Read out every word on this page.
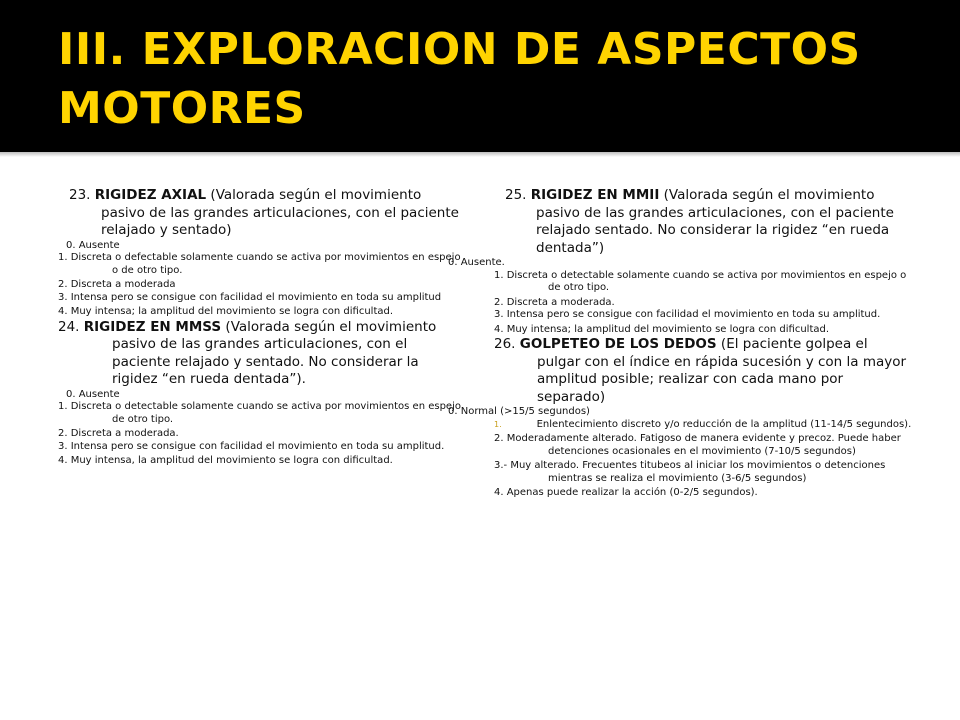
III. EXPLORACION DE ASPECTOS MOTORES

23. RIGIDEZ AXIAL (Valorada según el movimiento pasivo de las grandes articulaciones, con el paciente relajado y sentado)

0. Ausente

1. Discreta o defectable solamente cuando se activa por movimientos en espejo o de otro tipo.

2. Discreta a moderada

3. Intensa pero se consigue con facilidad el movimiento en toda su amplitud

4. Muy intensa; la amplitud del movimiento se logra con dificultad.

24. RIGIDEZ EN MMSS (Valorada según el movimiento pasivo de las grandes articulaciones, con el paciente relajado y sentado. No considerar la rigidez “en rueda dentada”).

0. Ausente

1. Discreta o detectable solamente cuando se activa por movimientos en espejo de otro tipo.

2. Discreta a moderada.

3. Intensa pero se consigue con facilidad el movimiento en toda su amplitud.

4. Muy intensa, la amplitud del movimiento se logra con dificultad.

25. RIGIDEZ EN MMII (Valorada según el movimiento pasivo de las grandes articulaciones, con el paciente relajado sentado. No considerar la rigidez “en rueda dentada”)

0. Ausente.

1. Discreta o detectable solamente cuando se activa por movimientos en espejo o de otro tipo.

2. Discreta a moderada.

3. Intensa pero se consigue con facilidad el movimiento en toda su amplitud.

4. Muy intensa; la amplitud del movimiento se logra con dificultad.

26. GOLPETEO DE LOS DEDOS (El paciente golpea el pulgar con el índice en rápida sucesión y con la mayor amplitud posible; realizar con cada mano por separado)

0. Normal (>15/5 segundos)

1.	Enlentecimiento discreto y/o reducción de la amplitud (11-14/5 segundos).

2. Moderadamente alterado. Fatigoso de manera evidente y precoz. Puede haber detenciones ocasionales en el movimiento (7-10/5 segundos)

3.- Muy alterado. Frecuentes titubeos al iniciar los movimientos o detenciones mientras se realiza el movimiento (3-6/5 segundos)

4. Apenas puede realizar la acción (0-2/5 segundos).
